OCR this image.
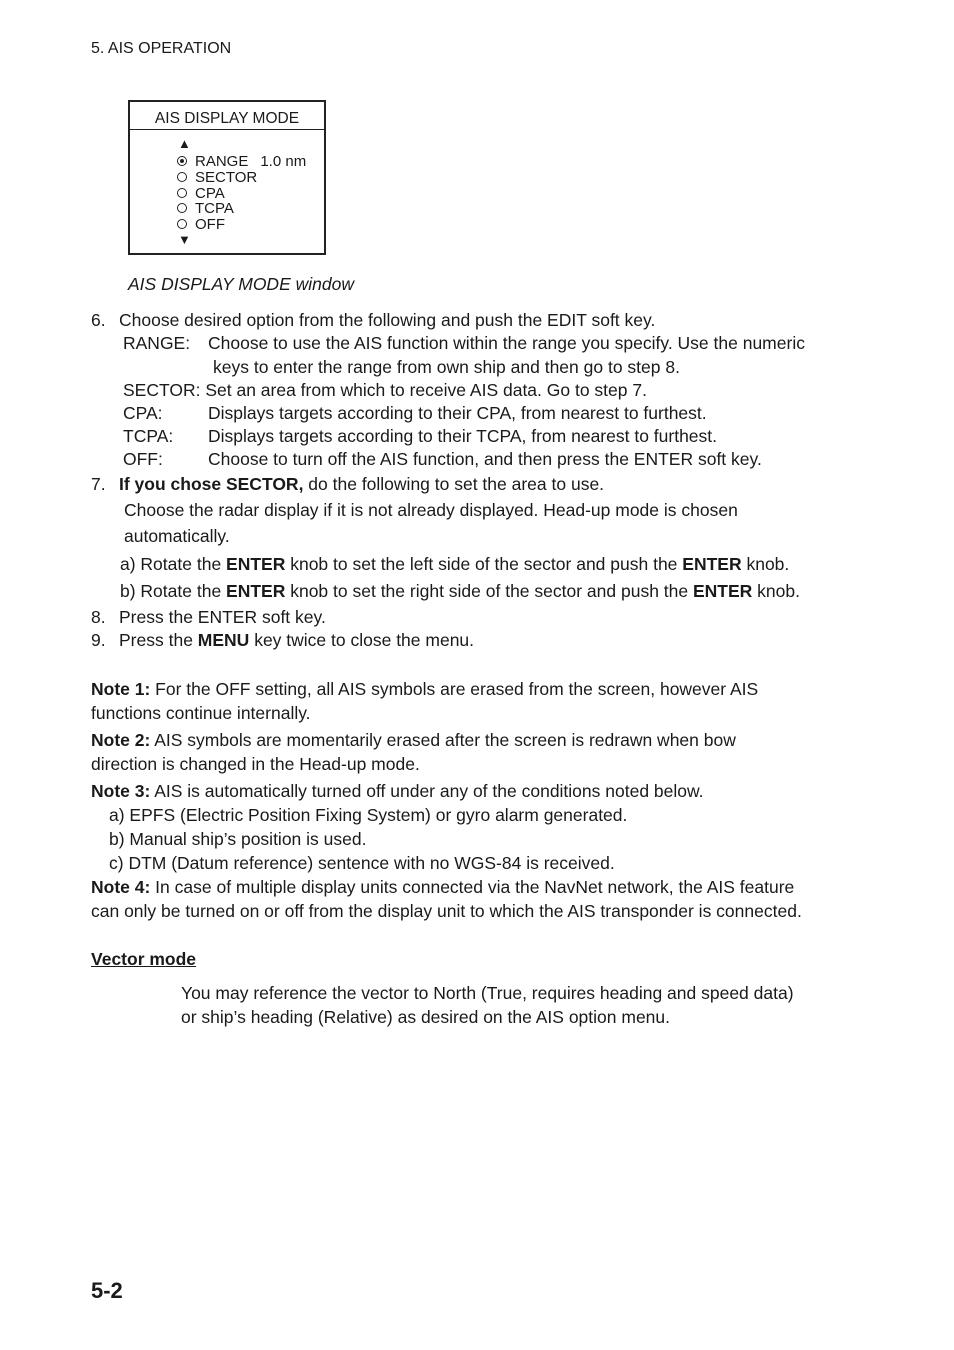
5. AIS OPERATION
AIS DISPLAY MODE
▲
RANGE 1.0 nm
SECTOR
CPA
TCPA
OFF
▼
AIS DISPLAY MODE window
6. Choose desired option from the following and push the EDIT soft key.
RANGE: Choose to use the AIS function within the range you specify. Use the numeric
keys to enter the range from own ship and then go to step 8.
SECTOR: Set an area from which to receive AIS data. Go to step 7.
CPA:	Displays targets according to their CPA, from nearest to furthest.
TCPA: Displays targets according to their TCPA, from nearest to furthest.
OFF:	Choose to turn off the AIS function, and then press the ENTER soft key.
7. If you chose SECTOR, do the following to set the area to use.
Choose the radar display if it is not already displayed. Head-up mode is chosen
automatically.
a) Rotate the ENTER knob to set the left side of the sector and push the ENTER knob.
b) Rotate the ENTER knob to set the right side of the sector and push the ENTER knob.
8. Press the ENTER soft key.
9. Press the MENU key twice to close the menu.
Note 1: For the OFF setting, all AIS symbols are erased from the screen, however AIS
functions continue internally.
Note 2: AIS symbols are momentarily erased after the screen is redrawn when bow
direction is changed in the Head-up mode.
Note 3: AIS is automatically turned off under any of the conditions noted below.
a) EPFS (Electric Position Fixing System) or gyro alarm generated.
b) Manual ship’s position is used.
c) DTM (Datum reference) sentence with no WGS-84 is received.
Note 4: In case of multiple display units connected via the NavNet network, the AIS feature
can only be turned on or off from the display unit to which the AIS transponder is connected.
Vector mode
You may reference the vector to North (True, requires heading and speed data)
or ship’s heading (Relative) as desired on the AIS option menu.
5-2
